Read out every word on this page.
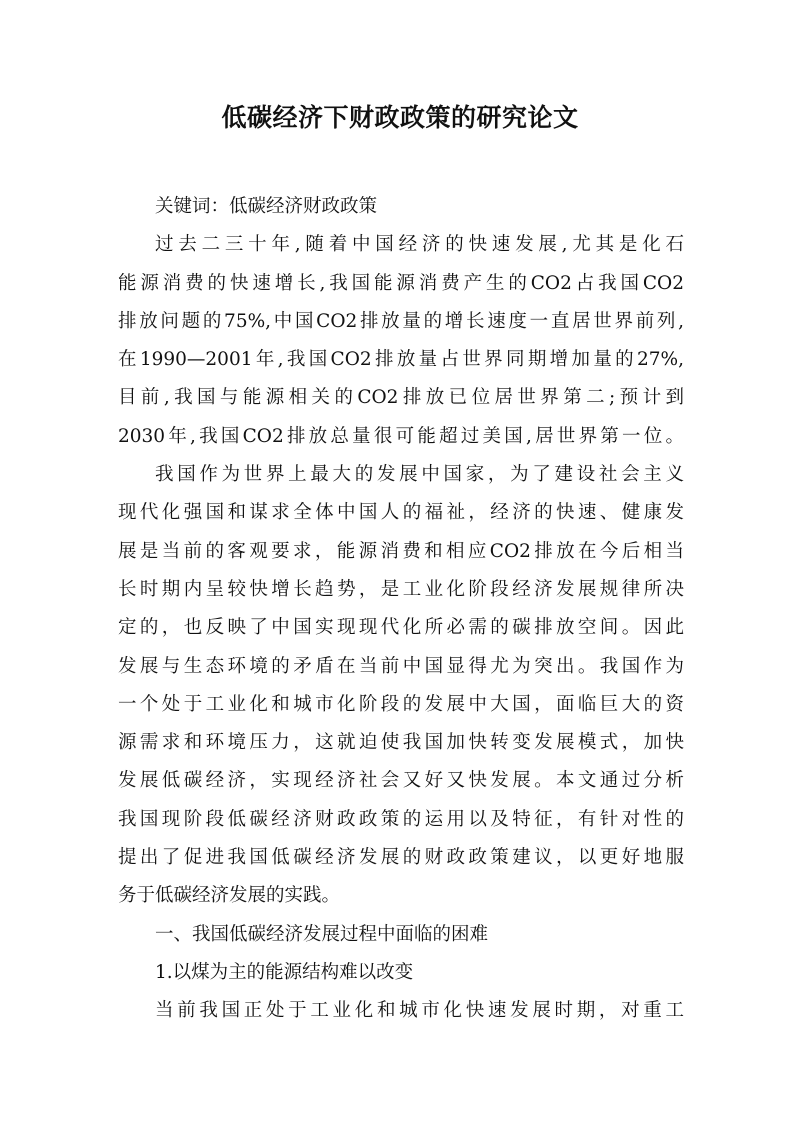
低碳经济下财政政策的研究论文

关键词：低碳经济财政政策

过去二三十年,随着中国经济的快速发展,尤其是化石
能源消费的快速增长,我国能源消费产生的CO2占我国CO2
排放问题的75%,中国CO2排放量的增长速度一直居世界前列,
在1990—2001年,我国CO2排放量占世界同期增加量的27%,
目前,我国与能源相关的CO2排放已位居世界第二;预计到
2030年,我国CO2排放总量很可能超过美国,居世界第一位。

我国作为世界上最大的发展中国家，为了建设社会主义
现代化强国和谋求全体中国人的福祉，经济的快速、健康发
展是当前的客观要求，能源消费和相应CO2排放在今后相当
长时期内呈较快增长趋势，是工业化阶段经济发展规律所决
定的，也反映了中国实现现代化所必需的碳排放空间。因此
发展与生态环境的矛盾在当前中国显得尤为突出。我国作为
一个处于工业化和城市化阶段的发展中大国，面临巨大的资
源需求和环境压力，这就迫使我国加快转变发展模式，加快
发展低碳经济，实现经济社会又好又快发展。本文通过分析
我国现阶段低碳经济财政政策的运用以及特征，有针对性的
提出了促进我国低碳经济发展的财政政策建议，以更好地服
务于低碳经济发展的实践。

一、我国低碳经济发展过程中面临的困难

1.以煤为主的能源结构难以改变

当前我国正处于工业化和城市化快速发展时期，对重工
